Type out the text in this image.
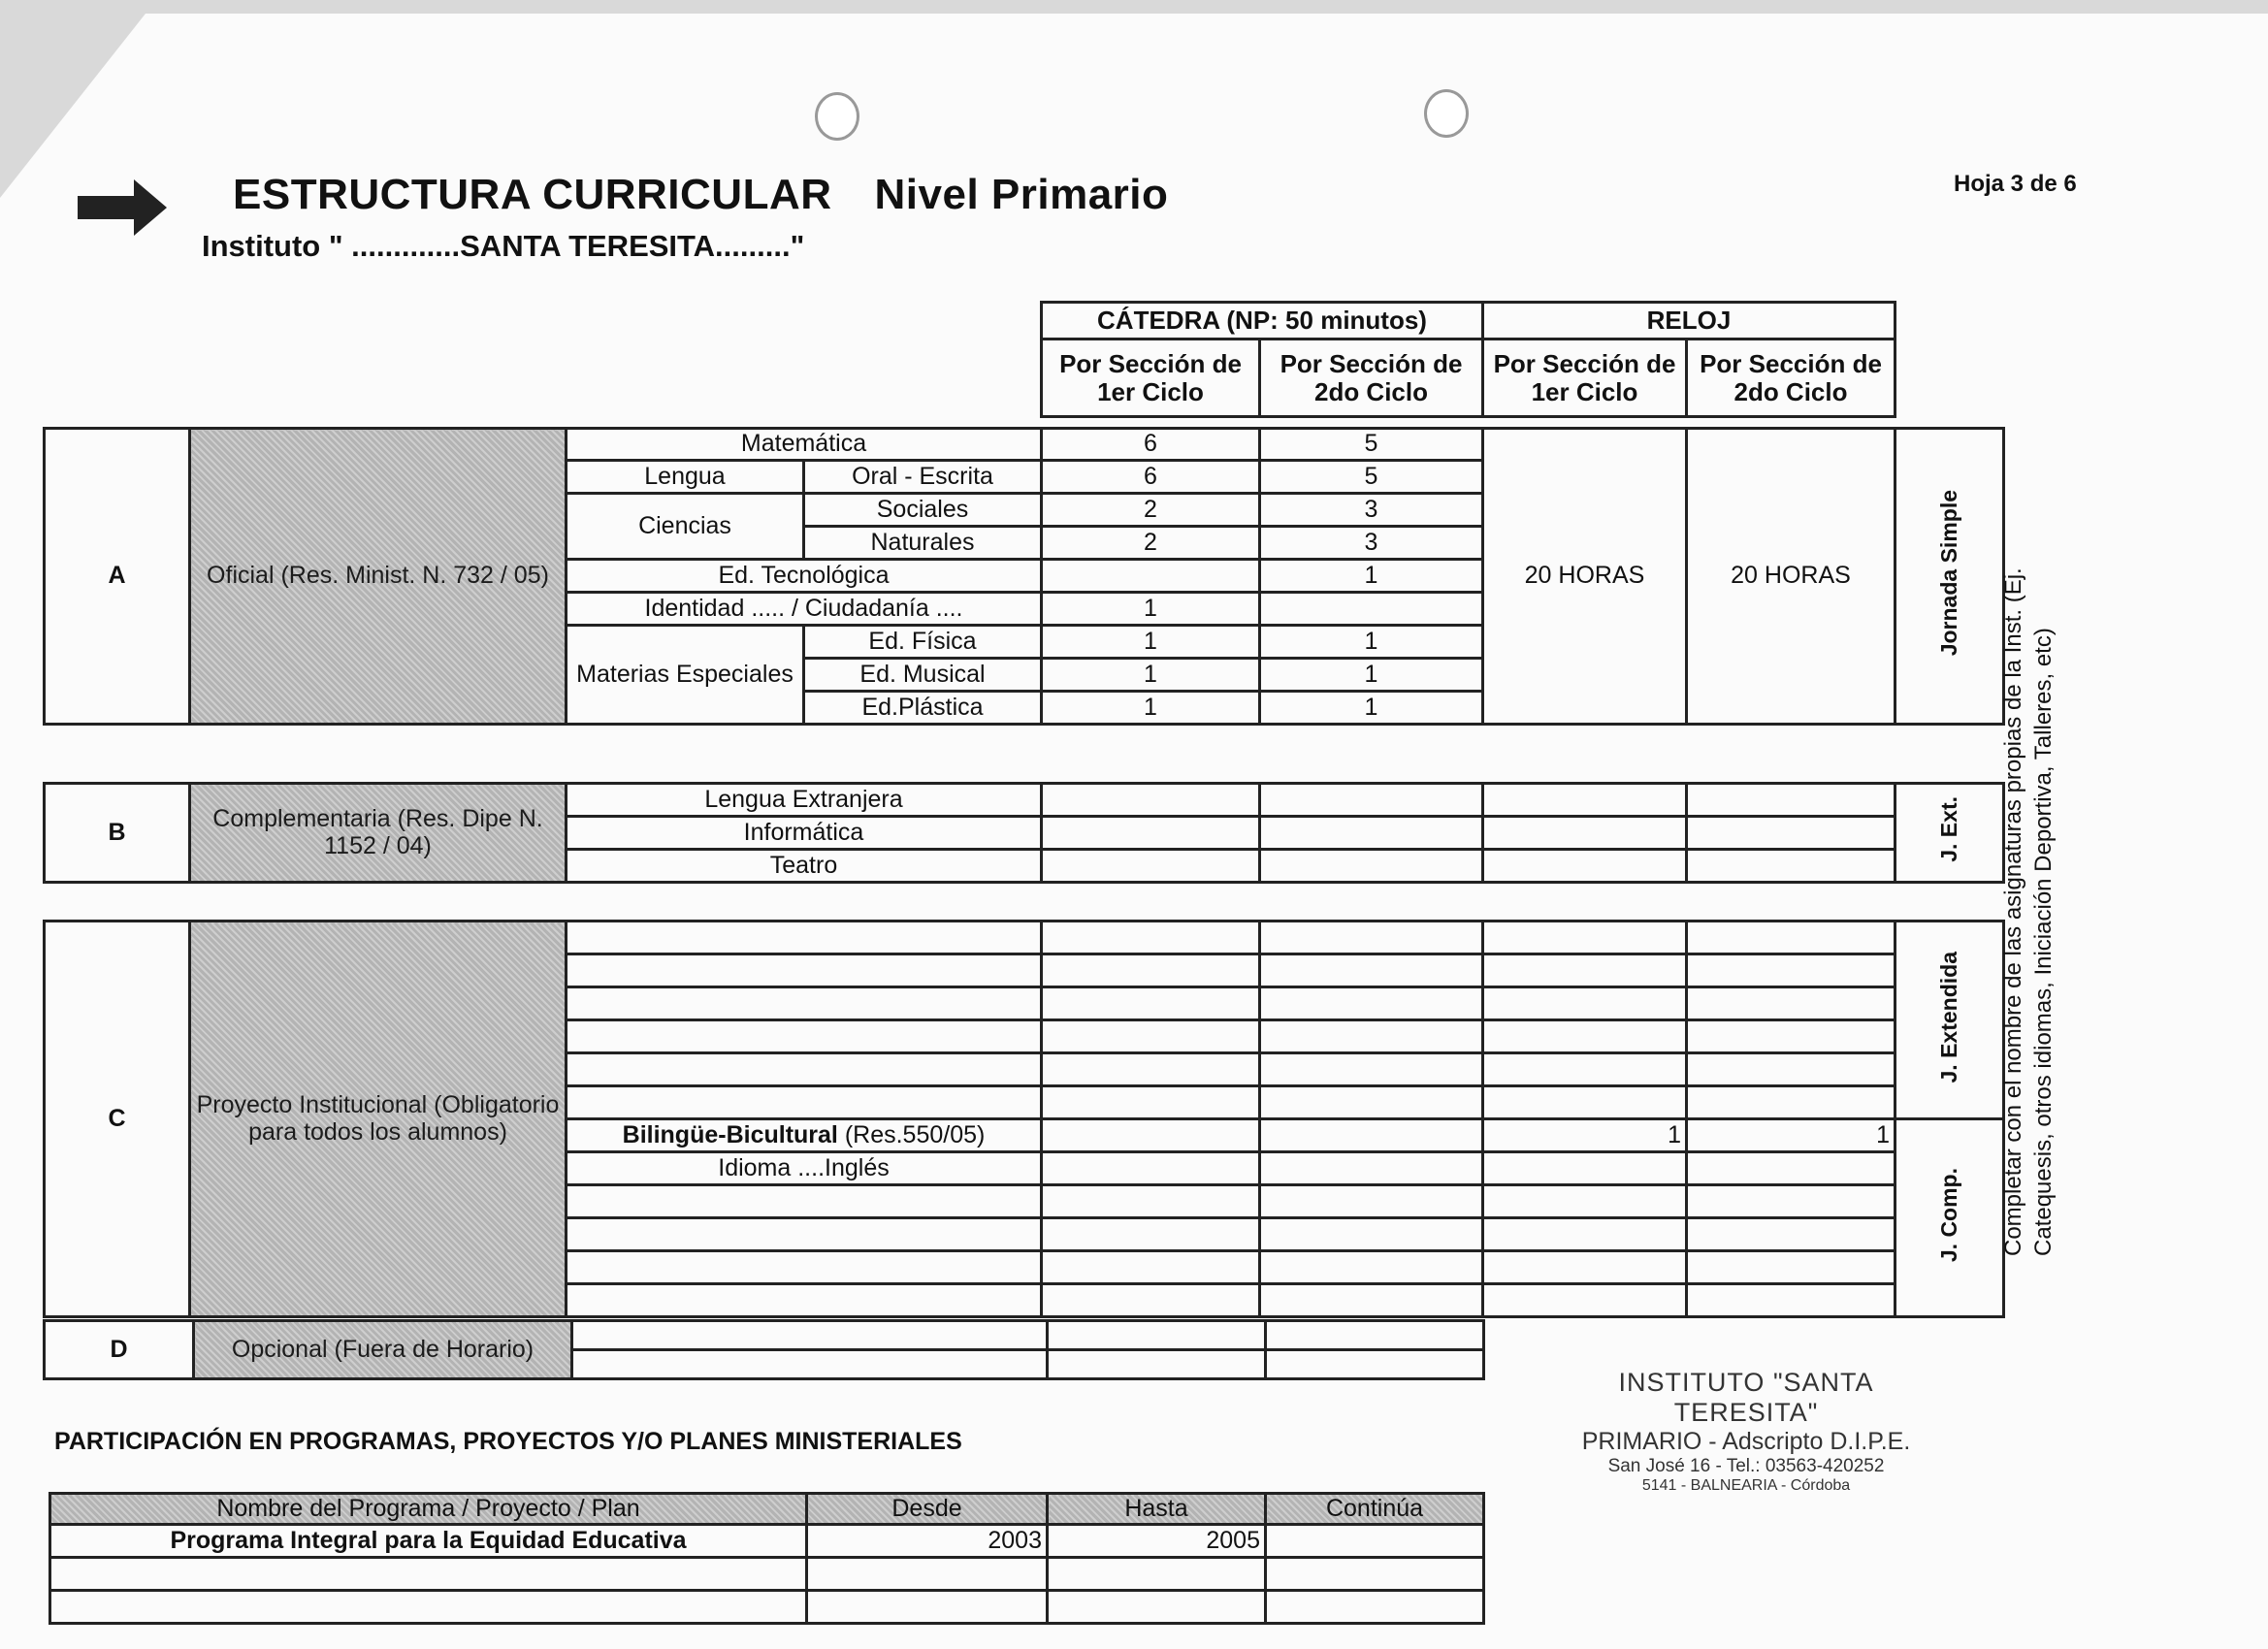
ESTRUCTURA CURRICULAR Nivel Primario
Instituto " .............SANTA TERESITA........."
Hoja 3 de 6
CÁTEDRA (NP: 50 minutos)		RELOJ	
Por Sección de 1er Ciclo	Por Sección de 2do Ciclo	Por Sección de 1er Ciclo	Por Sección de 2do Ciclo
A	Oficial (Res. Minist. N. 732 / 05)	Matemática		6	5	20 HORAS	20 HORAS	Jornada Simple
		Lengua	Oral - Escrita	6	5			
		Ciencias	Sociales	2	3			
			Naturales	2	3			
		Ed. Tecnológica			1			
		Identidad ..... / Ciudadanía ....		1				
		Materias Especiales	Ed. Física	1	1			
			Ed. Musical	1	1			
			Ed.Plástica	1	1			
B	Complementaria (Res. Dipe N. 1152 / 04)	Lengua Extranjera					J. Ext.
		Informática					
		Teatro					
C	Proyecto Institucional (Obligatorio para todos los alumnos)						J. Extendida

		Bilingüe-Bicultural (Res.550/05)			1	1	J. Comp.
		Idioma ....Inglés					

					Completar con el nombre de las asignaturas propias de la Inst. (Ej. Catequesis, otros idiomas, Iniciación Deportiva, Talleres, etc)
D	Opcional (Fuera de Horario)			

INSTITUTO "SANTA TERESITA"
PRIMARIO - Adscripto D.I.P.E.
San José 16 - Tel.: 03563-420252
5141 - BALNEARIA - Córdoba
PARTICIPACIÓN EN PROGRAMAS, PROYECTOS Y/O PLANES MINISTERIALES
Nombre del Programa / Proyecto / Plan	Desde	Hasta	Continúa
Programa Integral para la Equidad Educativa	2003	2005	
